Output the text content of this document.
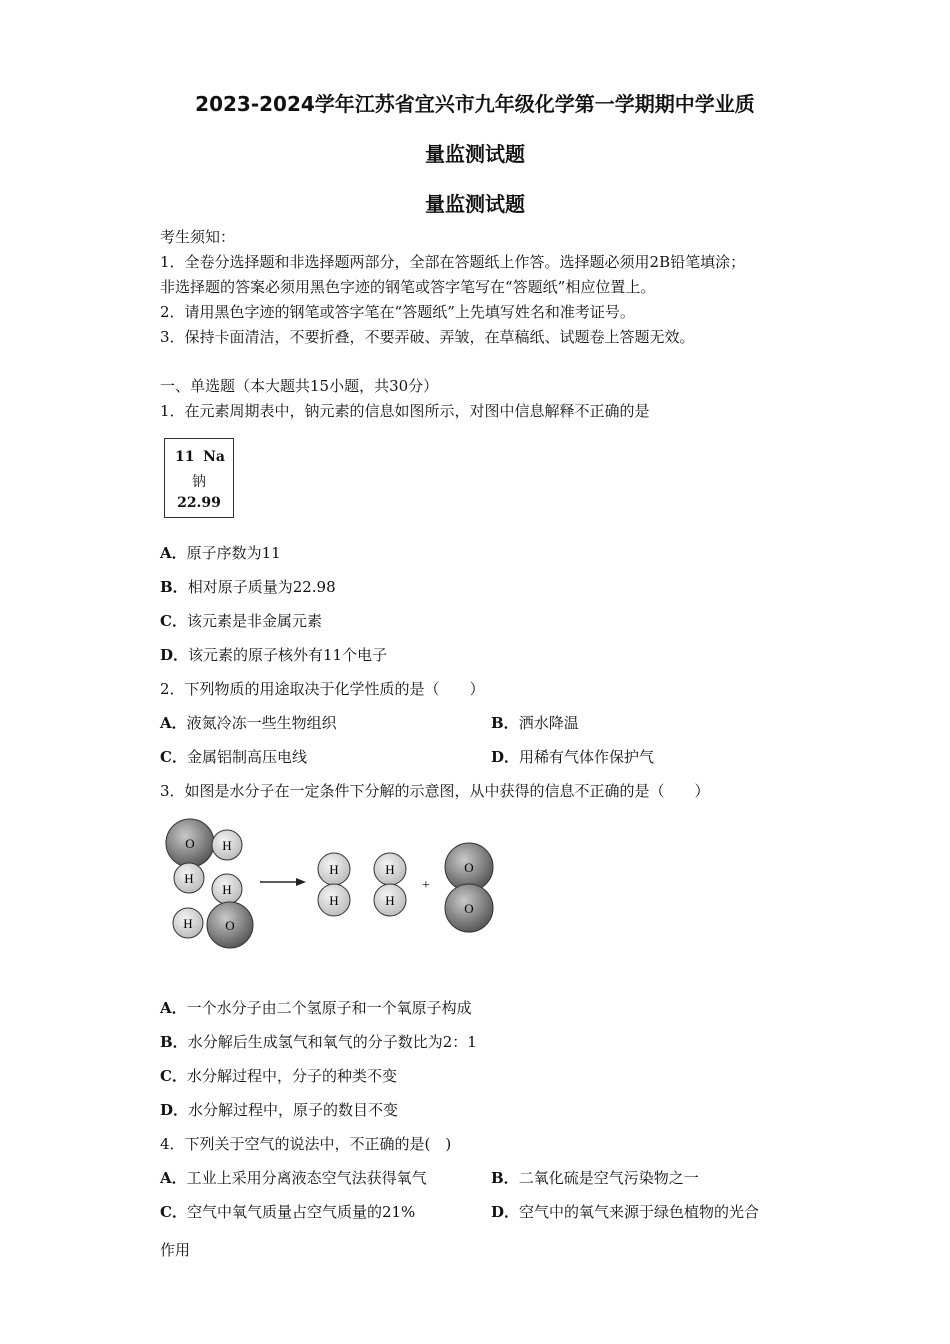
2023-2024学年江苏省宜兴市九年级化学第一学期期中学业质
量监测试题
量监测试题
考生须知：
1．全卷分选择题和非选择题两部分，全部在答题纸上作答。选择题必须用2B铅笔填涂；
非选择题的答案必须用黑色字迹的钢笔或答字笔写在“答题纸”相应位置上。
2．请用黑色字迹的钢笔或答字笔在“答题纸”上先填写姓名和准考证号。
3．保持卡面清洁，不要折叠，不要弄破、弄皱，在草稿纸、试题卷上答题无效。
一、单选题（本大题共15小题，共30分）
1．在元素周期表中，钠元素的信息如图所示，对图中信息解释不正确的是
11 Na
钠
22.99
A．原子序数为11
B．相对原子质量为22.98
C．该元素是非金属元素
D．该元素的原子核外有11个电子
2．下列物质的用途取决于化学性质的是（　　）
A．液氮冷冻一些生物组织	B．洒水降温
C．金属铝制高压电线	D．用稀有气体作保护气
3．如图是水分子在一定条件下分解的示意图，从中获得的信息不正确的是（　　）
O H
H
H
H	O
H
H
H
H
+
O
O
A．一个水分子由二个氢原子和一个氧原子构成
B．水分解后生成氢气和氧气的分子数比为2：1
C．水分解过程中，分子的种类不变
D．水分解过程中，原子的数目不变
4．下列关于空气的说法中，不正确的是(　)
A．工业上采用分离液态空气法获得氧气	B．二氧化硫是空气污染物之一
C．空气中氧气质量占空气质量的21%	D．空气中的氧气来源于绿色植物的光合
作用
